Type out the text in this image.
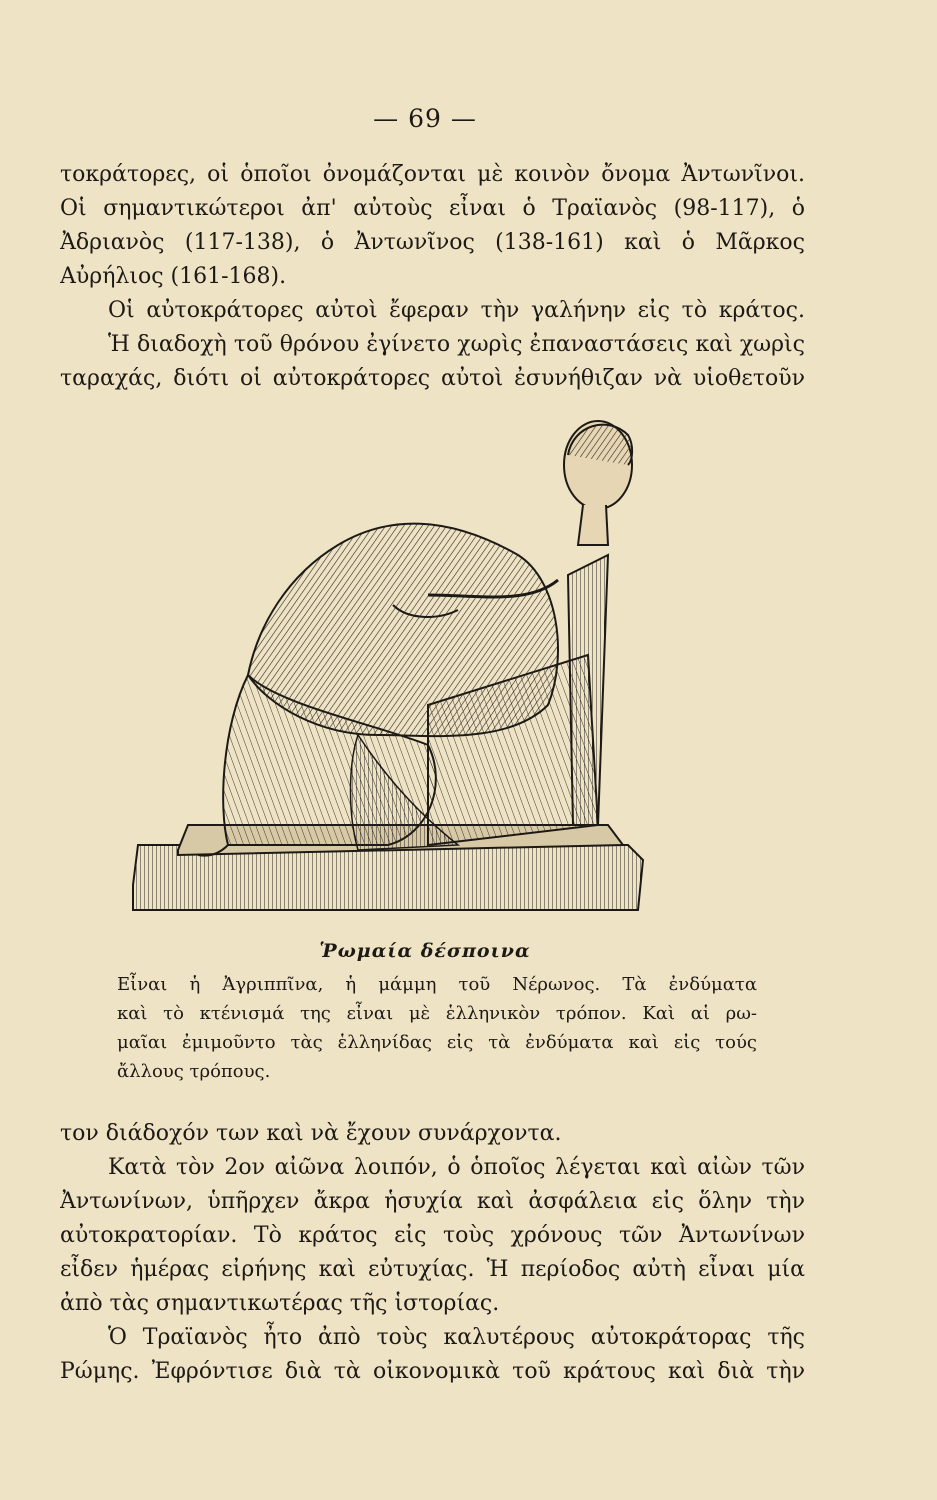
— 69 —
τοκράτορες, οἱ ὁποῖοι ὀνομάζονται μὲ κοινὸν ὄνομα Ἀντωνῖνοι.
Οἱ σημαντικώτεροι ἀπ' αὐτοὺς εἶναι ὁ Τραϊανὸς (98-117), ὁ
Ἀδριανὸς (117-138), ὁ Ἀντωνῖνος (138-161) καὶ ὁ Μᾶρκος
Αὐρήλιος (161-168).
Οἱ αὐτοκράτορες αὐτοὶ ἔφεραν τὴν γαλήνην εἰς τὸ κράτος.
Ἡ διαδοχὴ τοῦ θρόνου ἐγίνετο χωρὶς ἐπαναστάσεις καὶ χωρὶς
ταραχάς, διότι οἱ αὐτοκράτορες αὐτοὶ ἐσυνήθιζαν νὰ υἱοθετοῦν
Ῥωμαία δέσποινα
Εἶναι ἡ Ἀγριππῖνα, ἡ μάμμη τοῦ Νέρωνος. Τὰ ἐνδύματα
καὶ τὸ κτένισμά της εἶναι μὲ ἑλληνικὸν τρόπον. Καὶ αἱ ρω-
μαῖαι ἐμιμοῦντο τὰς ἑλληνίδας εἰς τὰ ἐνδύματα καὶ εἰς τούς
ἄλλους τρόπους.
τον διάδοχόν των καὶ νὰ ἔχουν συνάρχοντα.
Κατὰ τὸν 2ον αἰῶνα λοιπόν, ὁ ὁποῖος λέγεται καὶ αἰὼν τῶν
Ἀντωνίνων, ὑπῆρχεν ἄκρα ἡσυχία καὶ ἀσφάλεια εἰς ὅλην τὴν
αὐτοκρατορίαν. Τὸ κράτος εἰς τοὺς χρόνους τῶν Ἀντωνίνων
εἶδεν ἡμέρας εἰρήνης καὶ εὐτυχίας. Ἡ περίοδος αὐτὴ εἶναι μία
ἀπὸ τὰς σημαντικωτέρας τῆς ἱστορίας.
Ὁ Τραϊανὸς ἦτο ἀπὸ τοὺς καλυτέρους αὐτοκράτορας τῆς
Ρώμης. Ἐφρόντισε διὰ τὰ οἰκονομικὰ τοῦ κράτους καὶ διὰ τὴν
